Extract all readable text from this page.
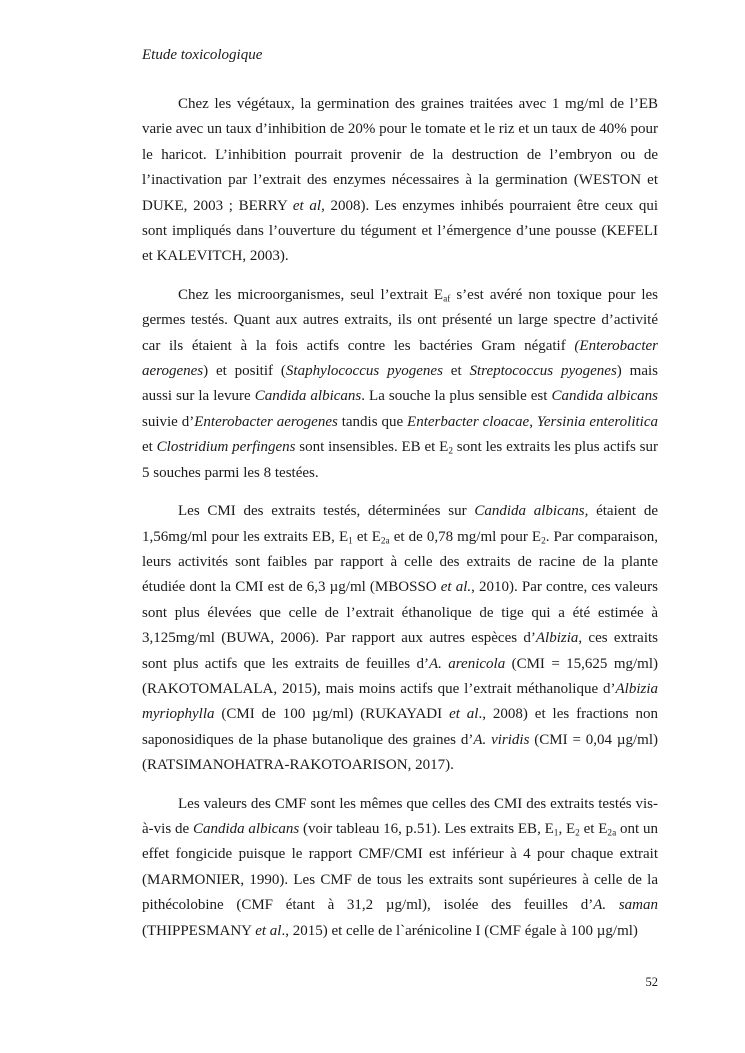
Etude toxicologique

Chez les végétaux, la germination des graines traitées avec 1 mg/ml de l’EB varie avec un taux d’inhibition de 20% pour le tomate et le riz et un taux de 40% pour le haricot. L’inhibition pourrait provenir de la destruction de l’embryon ou de l’inactivation par l’extrait des enzymes nécessaires à la germination (WESTON et DUKE, 2003 ; BERRY et al, 2008). Les enzymes inhibés pourraient être ceux qui sont impliqués dans l’ouverture du tégument et l’émergence d’une pousse (KEFELI et KALEVITCH, 2003).

Chez les microorganismes, seul l’extrait $E_{af}$ s’est avéré non toxique pour les germes testés. Quant aux autres extraits, ils ont présenté un large spectre d’activité car ils étaient à la fois actifs contre les bactéries Gram négatif (Enterobacter aerogenes) et positif (Staphylococcus pyogenes et Streptococcus pyogenes) mais aussi sur la levure Candida albicans. La souche la plus sensible est Candida albicans suivie d’Enterobacter aerogenes tandis que Enterbacter cloacae, Yersinia enterolitica et Clostridium perfingens sont insensibles. EB et $E_2$ sont les extraits les plus actifs sur 5 souches parmi les 8 testées.

Les CMI des extraits testés, déterminées sur Candida albicans, étaient de 1,56mg/ml pour les extraits EB, $E_1$ et $E_{2a}$ et de 0,78 mg/ml pour $E_2$. Par comparaison, leurs activités sont faibles par rapport à celle des extraits de racine de la plante étudiée dont la CMI est de 6,3 µg/ml (MBOSSO et al., 2010). Par contre, ces valeurs sont plus élevées que celle de l’extrait éthanolique de tige qui a été estimée à 3,125mg/ml (BUWA, 2006). Par rapport aux autres espèces d’Albizia, ces extraits sont plus actifs que les extraits de feuilles d’A. arenicola (CMI = 15,625 mg/ml) (RAKOTOMALALA, 2015), mais moins actifs que l’extrait méthanolique d’Albizia myriophylla (CMI de 100 µg/ml) (RUKAYADI et al., 2008) et les fractions non saponosidiques de la phase butanolique des graines d’A. viridis (CMI = 0,04 µg/ml) (RATSIMANOHATRA-RAKOTOARISON, 2017).

Les valeurs des CMF sont les mêmes que celles des CMI des extraits testés vis-à-vis de Candida albicans (voir tableau 16, p.51). Les extraits EB, $E_1$, $E_2$ et $E_{2a}$ ont un effet fongicide puisque le rapport CMF/CMI est inférieur à 4 pour chaque extrait (MARMONIER, 1990). Les CMF de tous les extraits sont supérieures à celle de la pithécolobine (CMF étant à 31,2 µg/ml), isolée des feuilles d’A. saman (THIPPESMANY et al., 2015) et celle de l`arénicoline I (CMF égale à 100 µg/ml)

52
